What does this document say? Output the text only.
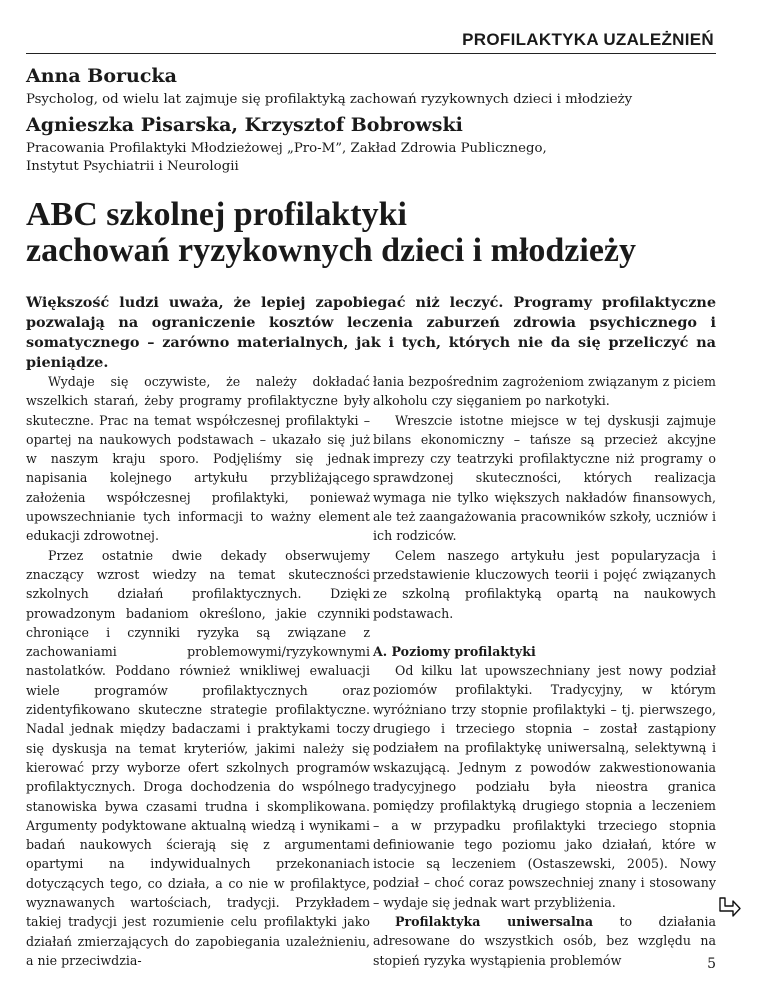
PROFILAKTYKA UZALEŻNIEŃ
Anna Borucka
Psycholog, od wielu lat zajmuje się profilaktyką zachowań ryzykownych dzieci i młodzieży
Agnieszka Pisarska, Krzysztof Bobrowski
Pracowania Profilaktyki Młodzieżowej „Pro-M”, Zakład Zdrowia Publicznego,
Instytut Psychiatrii i Neurologii
ABC szkolnej profilaktyki
zachowań ryzykownych dzieci i młodzieży
Większość ludzi uważa, że lepiej zapobiegać niż leczyć. Programy profilaktyczne pozwalają na ograniczenie kosztów leczenia zaburzeń zdrowia psychicznego i somatycznego – zarówno materialnych, jak i tych, których nie da się przeliczyć na pieniądze.

Wydaje się oczywiste, że należy dokładać wszelkich starań, żeby programy profilaktyczne były skuteczne. Prac na temat współczesnej profilaktyki – opartej na naukowych podstawach – ukazało się już w naszym kraju sporo. Podjęliśmy się jednak napisania kolejnego artykułu przybliżającego założenia współczesnej profilaktyki, ponieważ upowszechnianie tych informacji to ważny element edukacji zdrowotnej.

Przez ostatnie dwie dekady obserwujemy znaczący wzrost wiedzy na temat skuteczności szkolnych działań profilaktycznych. Dzięki prowadzonym badaniom określono, jakie czynniki chroniące i czynniki ryzyka są związane z zachowaniami problemowymi/ryzykownymi nastolatków. Poddano również wnikliwej ewaluacji wiele programów profilaktycznych oraz zidentyfikowano skuteczne strategie profilaktyczne. Nadal jednak między badaczami i praktykami toczy się dyskusja na temat kryteriów, jakimi należy się kierować przy wyborze ofert szkolnych programów profilaktycznych. Droga dochodzenia do wspólnego stanowiska bywa czasami trudna i skomplikowana. Argumenty podyktowane aktualną wiedzą i wynikami badań naukowych ścierają się z argumentami opartymi na indywidualnych przekonaniach dotyczących tego, co działa, a co nie w profilaktyce, wyznawanych wartościach, tradycji. Przykładem takiej tradycji jest rozumienie celu profilaktyki jako działań zmierzających do zapobiegania uzależnieniu, a nie przeciwdzia-

łania bezpośrednim zagrożeniom związanym z piciem alkoholu czy sięganiem po narkotyki.

Wreszcie istotne miejsce w tej dyskusji zajmuje bilans ekonomiczny – tańsze są przecież akcyjne imprezy czy teatrzyki profilaktyczne niż programy o sprawdzonej skuteczności, których realizacja wymaga nie tylko większych nakładów finansowych, ale też zaangażowania pracowników szkoły, uczniów i ich rodziców.

Celem naszego artykułu jest popularyzacja i przedstawienie kluczowych teorii i pojęć związanych ze szkolną profilaktyką opartą na naukowych podstawach.

A. Poziomy profilaktyki

Od kilku lat upowszechniany jest nowy podział poziomów profilaktyki. Tradycyjny, w którym wyróżniano trzy stopnie profilaktyki – tj. pierwszego, drugiego i trzeciego stopnia – został zastąpiony podziałem na profilaktykę uniwersalną, selektywną i wskazującą. Jednym z powodów zakwestionowania tradycyjnego podziału była nieostra granica pomiędzy profilaktyką drugiego stopnia a leczeniem – a w przypadku profilaktyki trzeciego stopnia definiowanie tego poziomu jako działań, które w istocie są leczeniem (Ostaszewski, 2005). Nowy podział – choć coraz powszechniej znany i stosowany – wydaje się jednak wart przybliżenia.

Profilaktyka uniwersalna to działania adresowane do wszystkich osób, bez względu na stopień ryzyka wystąpienia problemów	5
